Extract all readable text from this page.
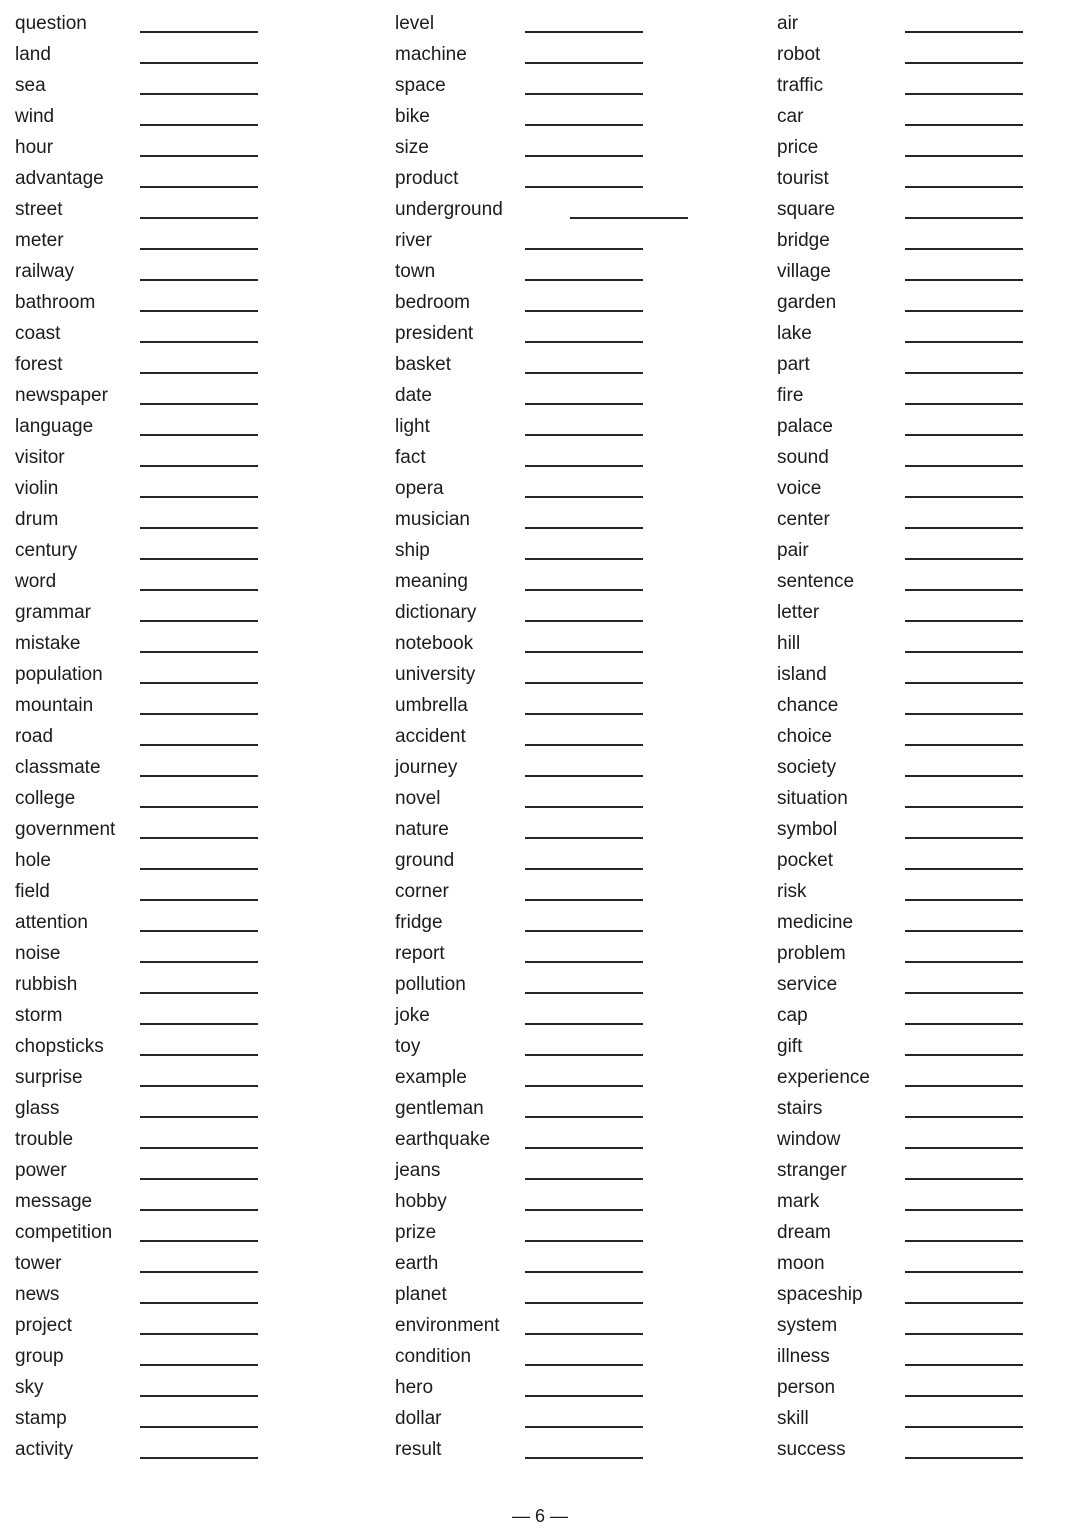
question
land
sea
wind
hour
advantage
street
meter
railway
bathroom
coast
forest
newspaper
language
visitor
violin
drum
century
word
grammar
mistake
population
mountain
road
classmate
college
government
hole
field
attention
noise
rubbish
storm
chopsticks
surprise
glass
trouble
power
message
competition
tower
news
project
group
sky
stamp
activity
level
machine
space
bike
size
product
underground
river
town
bedroom
president
basket
date
light
fact
opera
musician
ship
meaning
dictionary
notebook
university
umbrella
accident
journey
novel
nature
ground
corner
fridge
report
pollution
joke
toy
example
gentleman
earthquake
jeans
hobby
prize
earth
planet
environment
condition
hero
dollar
result
air
robot
traffic
car
price
tourist
square
bridge
village
garden
lake
part
fire
palace
sound
voice
center
pair
sentence
letter
hill
island
chance
choice
society
situation
symbol
pocket
risk
medicine
problem
service
cap
gift
experience
stairs
window
stranger
mark
dream
moon
spaceship
system
illness
person
skill
success
— 6 —
